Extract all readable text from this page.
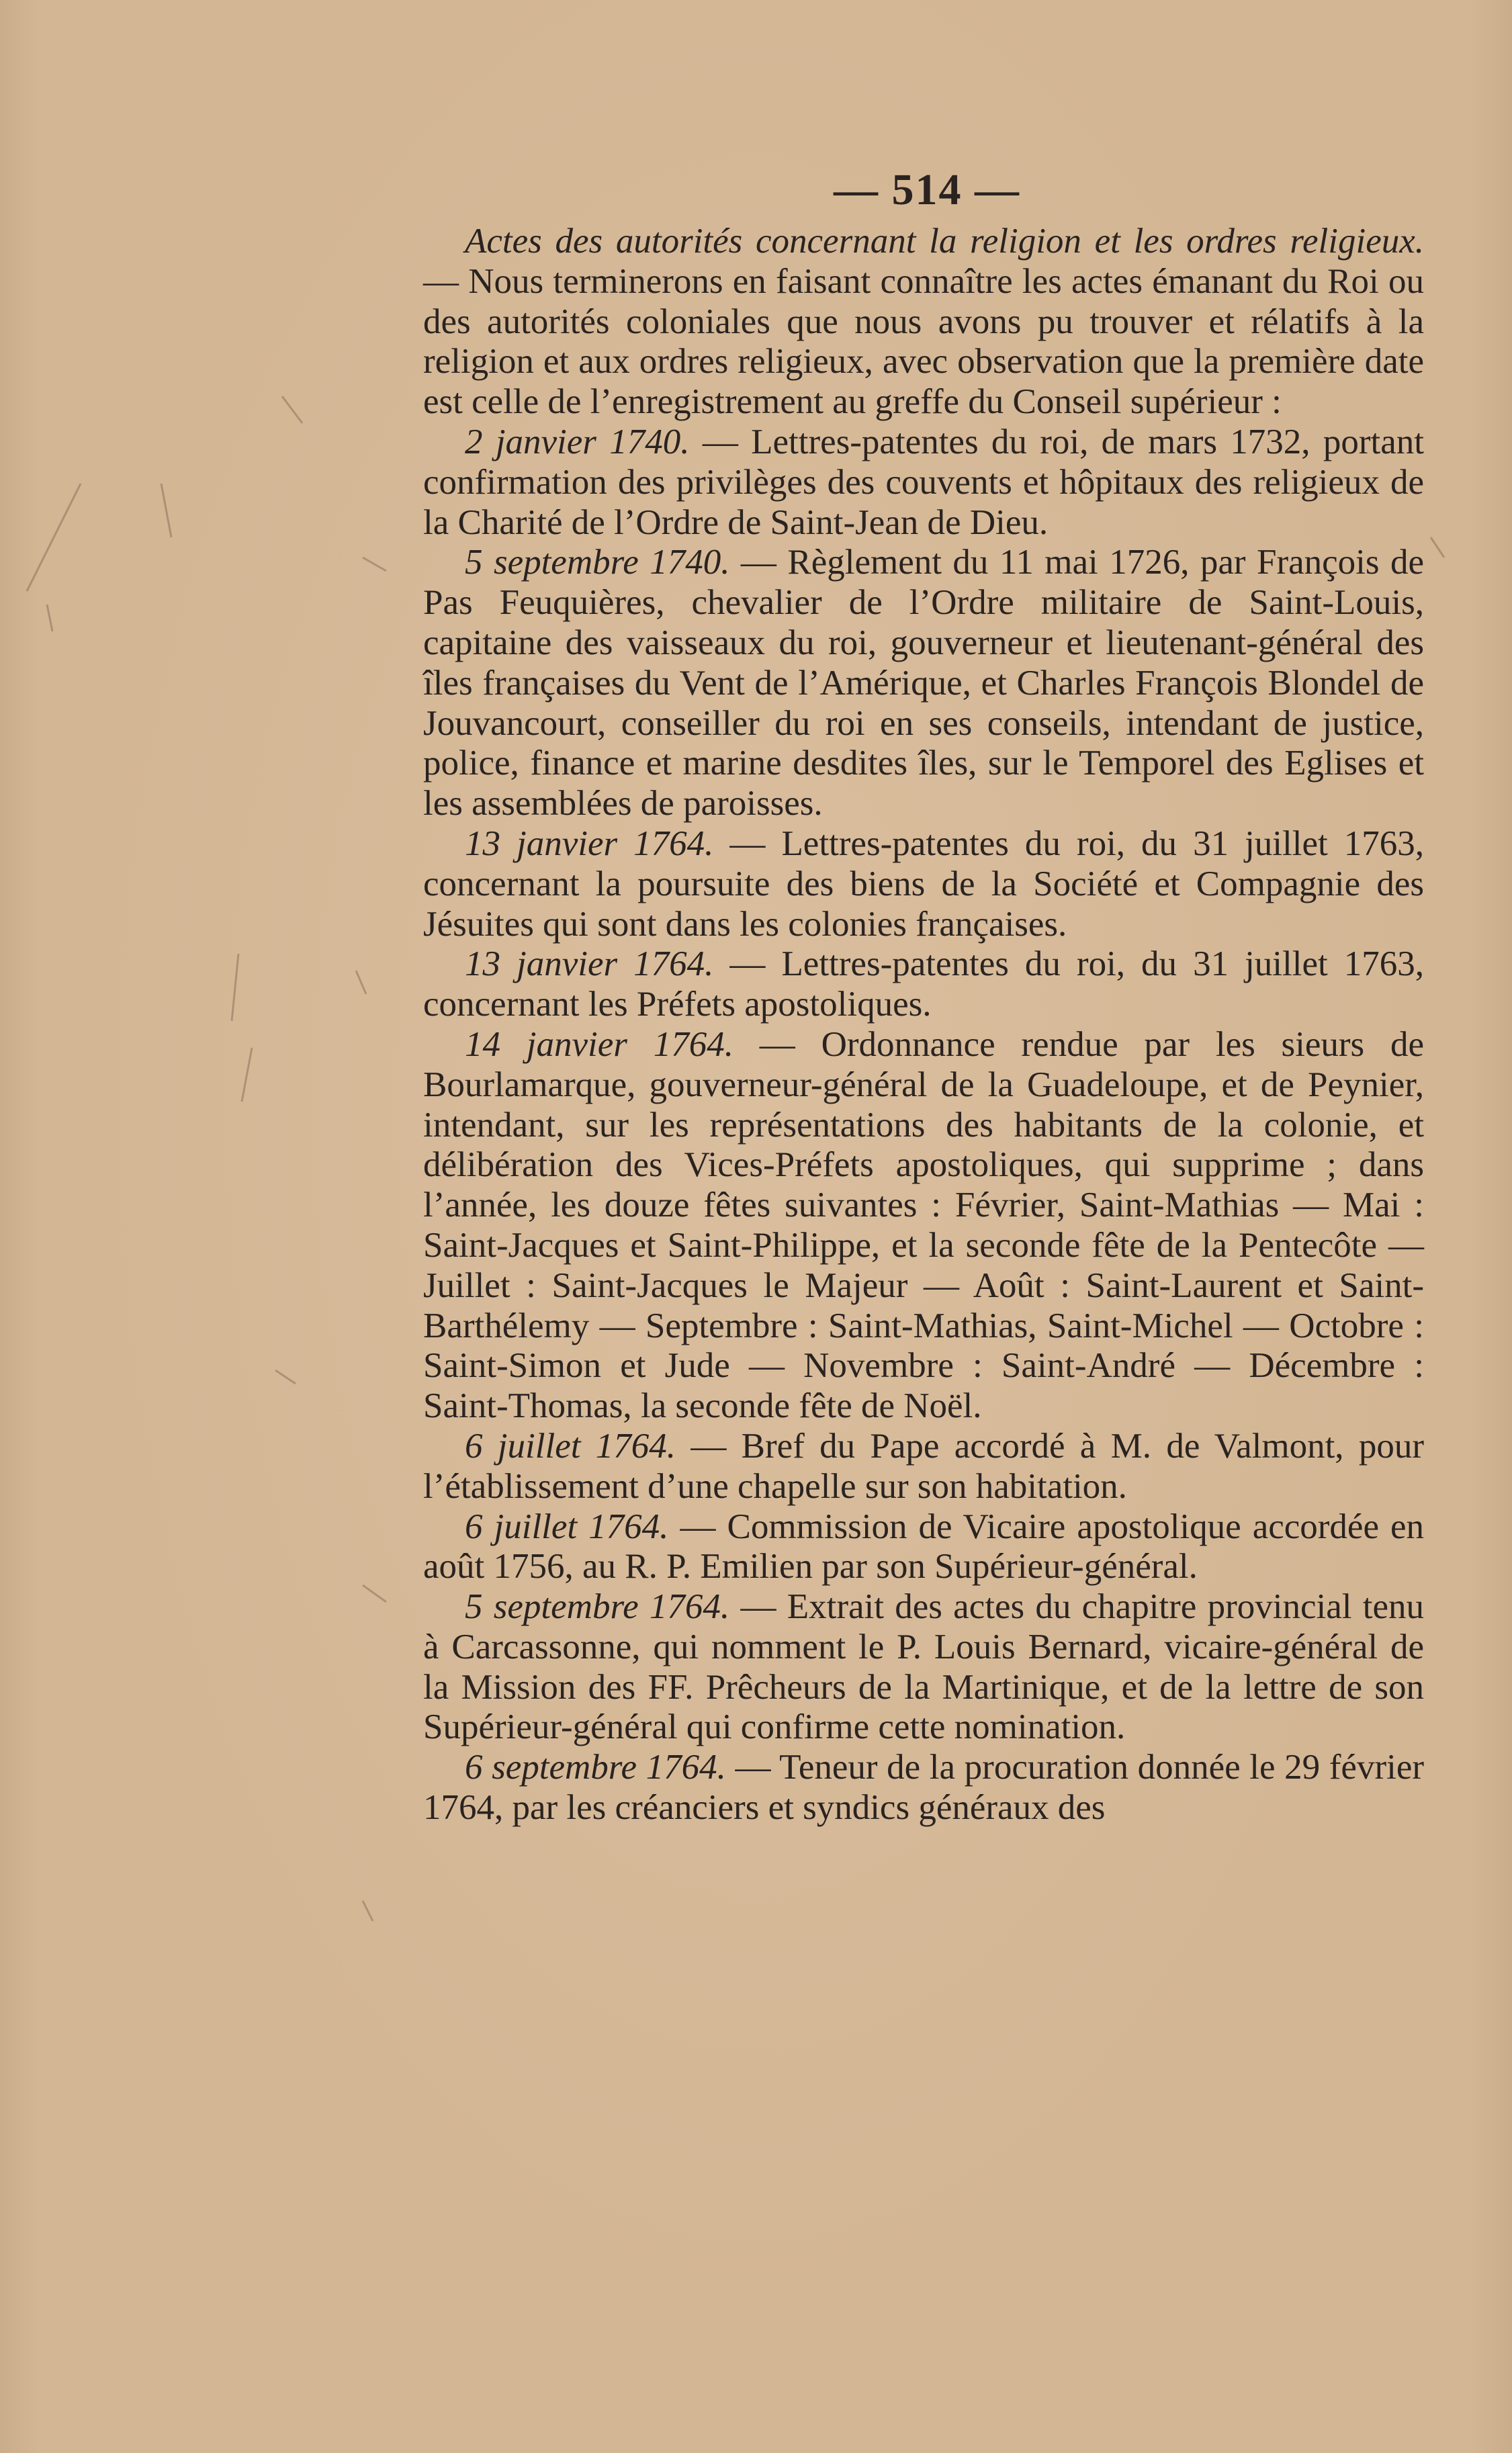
— 514 —

Actes des autorités concernant la religion et les ordres religieux. — Nous terminerons en faisant connaître les actes émanant du Roi ou des autorités coloniales que nous avons pu trouver et rélatifs à la religion et aux ordres religieux, avec observation que la première date est celle de l’enregistrement au greffe du Conseil supérieur :

2 janvier 1740. — Lettres-patentes du roi, de mars 1732, portant confirmation des privilèges des couvents et hôpitaux des religieux de la Charité de l’Ordre de Saint-Jean de Dieu.

5 septembre 1740. — Règlement du 11 mai 1726, par François de Pas Feuquières, chevalier de l’Ordre militaire de Saint-Louis, capitaine des vaisseaux du roi, gouverneur et lieutenant-général des îles françaises du Vent de l’Amérique, et Charles François Blondel de Jouvancourt, conseiller du roi en ses conseils, intendant de justice, police, finance et marine desdites îles, sur le Temporel des Eglises et les assemblées de paroisses.

13 janvier 1764. — Lettres-patentes du roi, du 31 juillet 1763, concernant la poursuite des biens de la Société et Compagnie des Jésuites qui sont dans les colonies françaises.

13 janvier 1764. — Lettres-patentes du roi, du 31 juillet 1763, concernant les Préfets apostoliques.

14 janvier 1764. — Ordonnance rendue par les sieurs de Bourlamarque, gouverneur-général de la Guadeloupe, et de Peynier, intendant, sur les représentations des habitants de la colonie, et délibération des Vices-Préfets apostoliques, qui supprime ; dans l’année, les douze fêtes suivantes : Février, Saint-Mathias — Mai : Saint-Jacques et Saint-Philippe, et la seconde fête de la Pentecôte — Juillet : Saint-Jacques le Majeur — Août : Saint-Laurent et Saint-Barthélemy — Septembre : Saint-Mathias, Saint-Michel — Octobre : Saint-Simon et Jude — Novembre : Saint-André — Décembre : Saint-Thomas, la seconde fête de Noël.

6 juillet 1764. — Bref du Pape accordé à M. de Valmont, pour l’établissement d’une chapelle sur son habitation.

6 juillet 1764. — Commission de Vicaire apostolique accordée en août 1756, au R. P. Emilien par son Supérieur-général.

5 septembre 1764. — Extrait des actes du chapitre provincial tenu à Carcassonne, qui nomment le P. Louis Bernard, vicaire-général de la Mission des FF. Prêcheurs de la Martinique, et de la lettre de son Supérieur-général qui confirme cette nomination.

6 septembre 1764. — Teneur de la procuration donnée le 29 février 1764, par les créanciers et syndics généraux des
